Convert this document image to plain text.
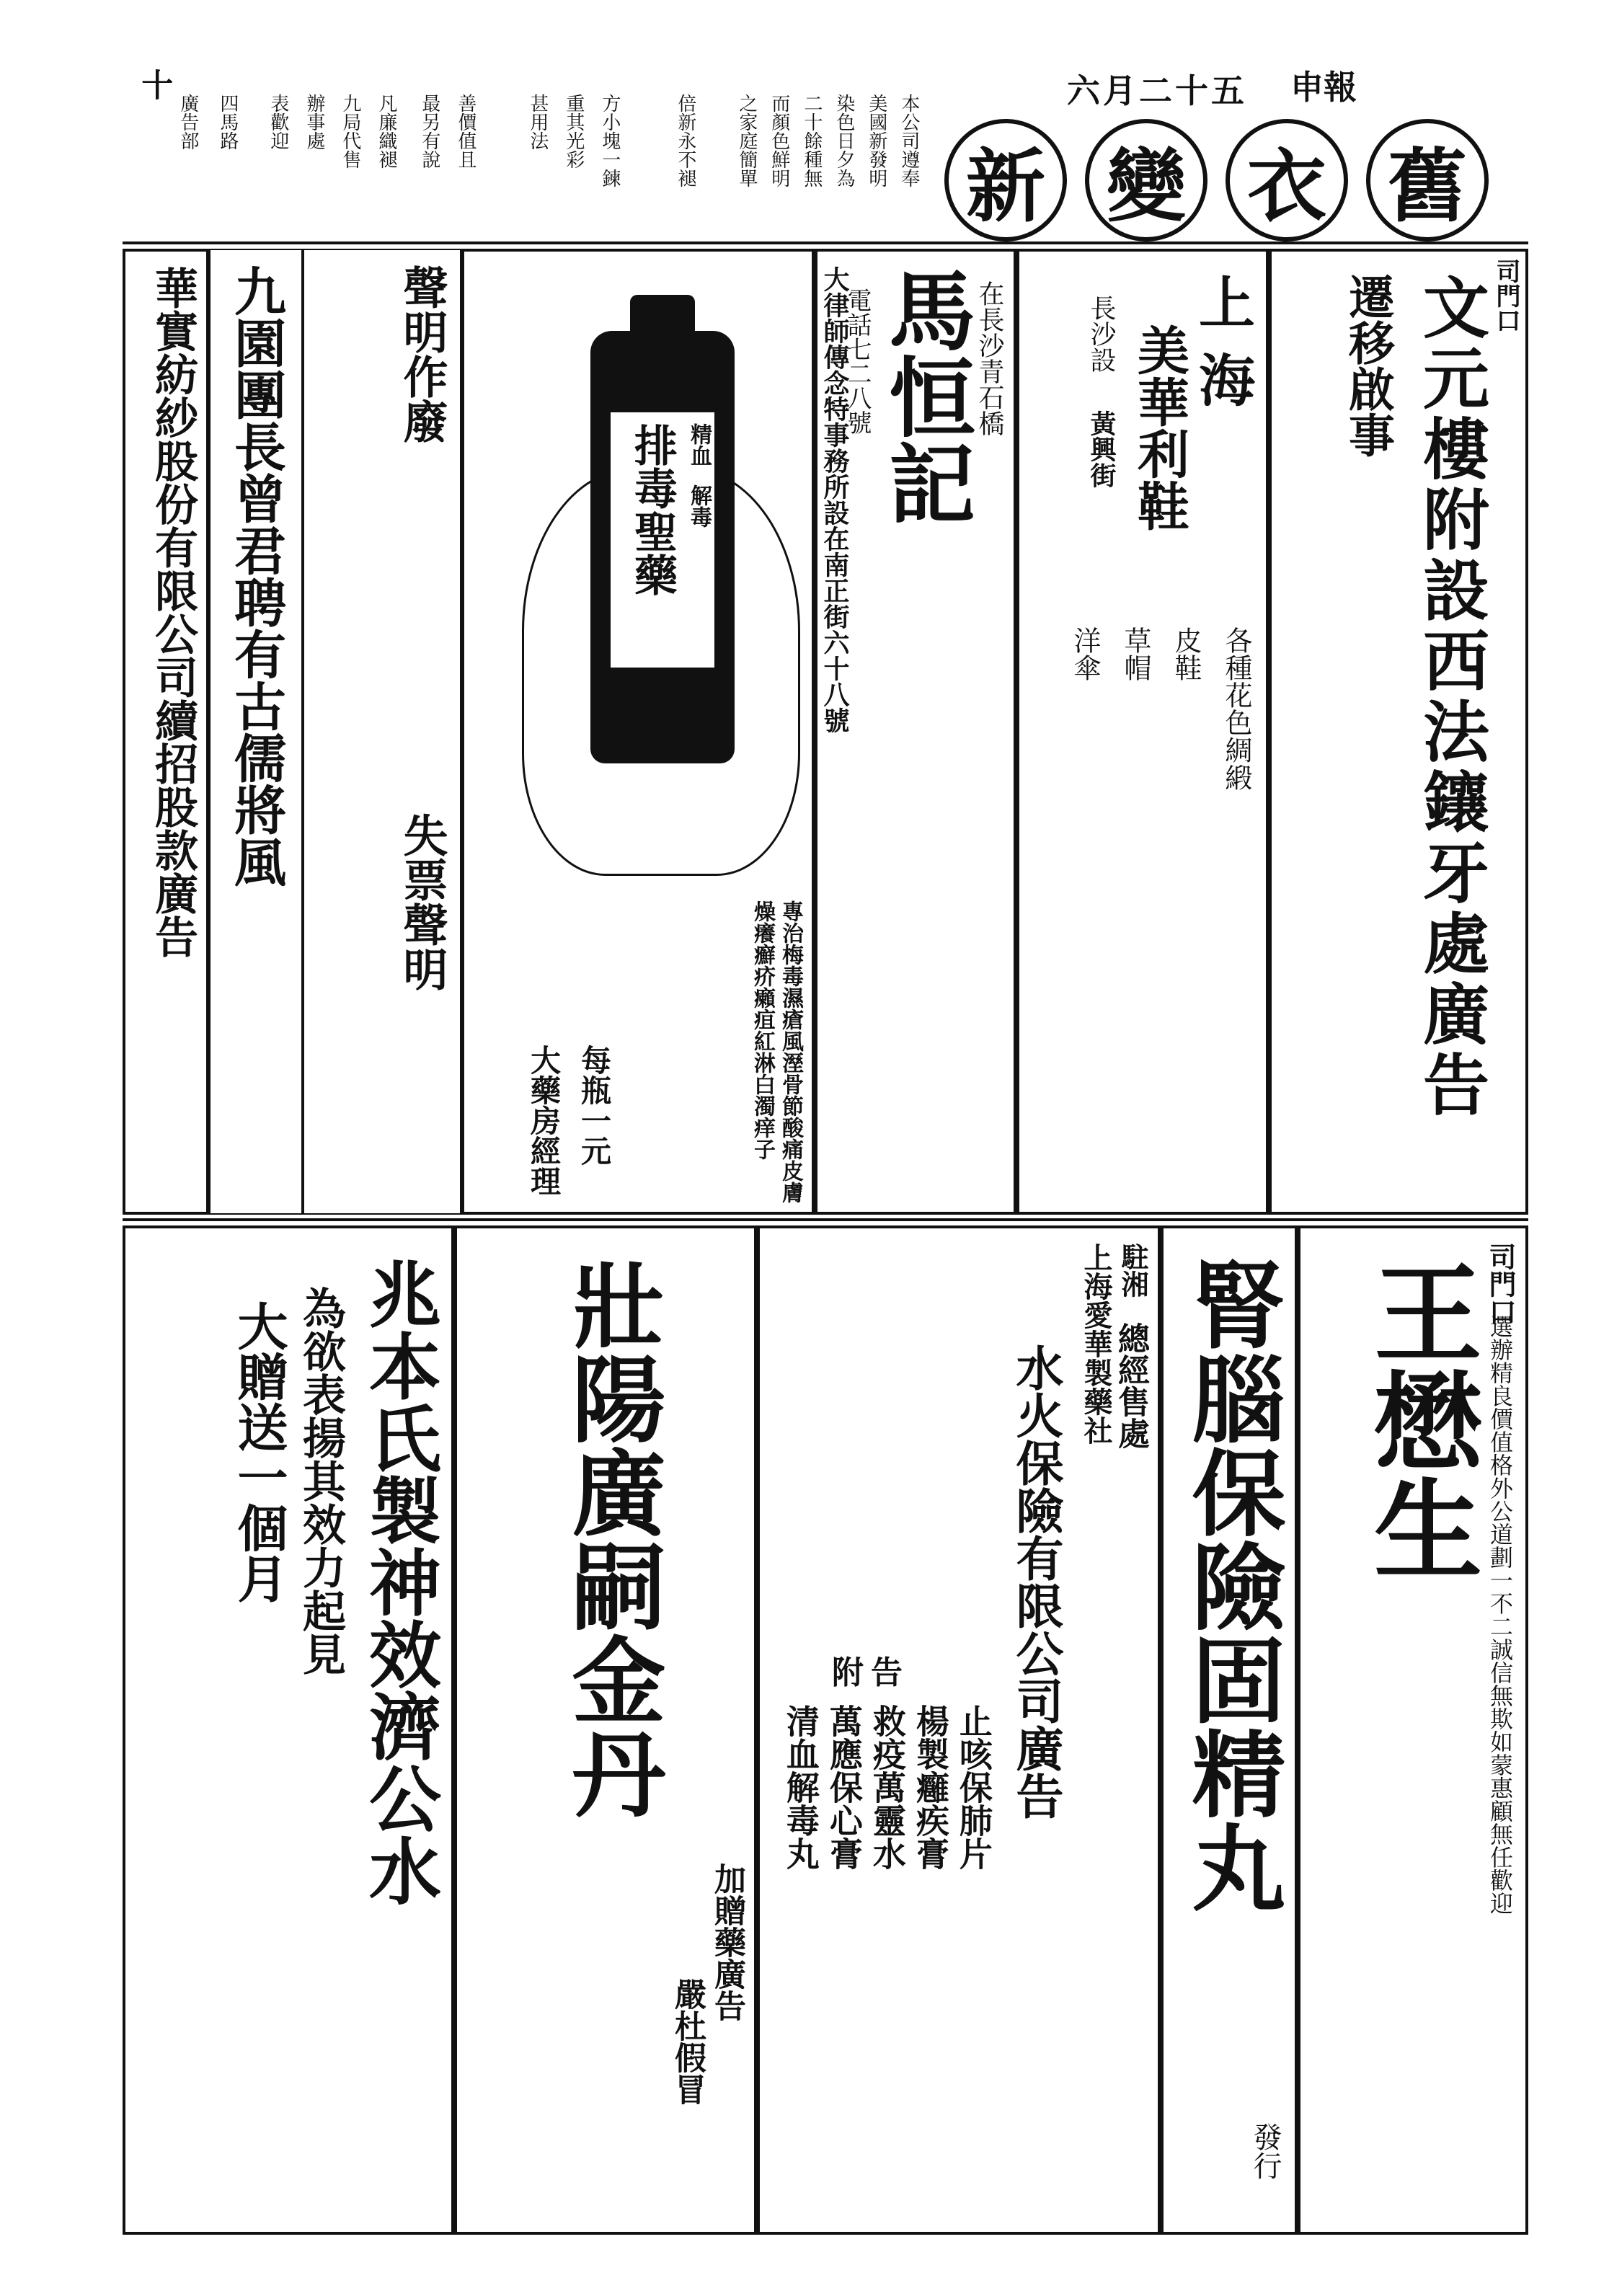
十	六月二十五 申報
舊
衣
變
新
本公司遵奉
美國新發明
染色日夕為
二十餘種無
而顏色鮮明
之家庭簡單
倍新永不褪
方小塊一鍊
重其光彩
甚用法
善價值且
最另有說
凡廉織褪
九局代售
辦事處
表歡迎
四馬路
廣告部
司門口
文元樓附設西法鑲牙處廣告
遷移啟事
上海
美華利鞋
長沙設
黃興街
各種花色綢緞
皮鞋
草帽
洋傘
在長沙青石橋
馬恒記
電話七二八號
大律師傳念特事務所設在南正街六十八號
精血
解毒
排毒聖藥
專治梅毒濕瘡風溼骨節酸痛皮膚燥癢癬疥癩疽紅淋白濁痒子
每瓶一元
大藥房經理
聲明作廢
失票聲明
九園團長曾君聘有古儒將風
華實紡紗股份有限公司續招股款廣告
司門口
王懋生 選辦精良價值格外公道劃一不二誠信無欺如蒙惠顧無任歡迎
腎腦保險固精丸
發行
駐湘
總經售處
上海愛華製藥社
水火保險有限公司廣告
附告
清血解毒丸 萬應保心膏 救疫萬靈水 楊製癰疾膏 止咳保肺片
壯陽廣嗣金丹
加贈藥廣告
嚴杜假冒
兆本氏製神效濟公水
為欲表揚其效力起見
大贈送一個月
